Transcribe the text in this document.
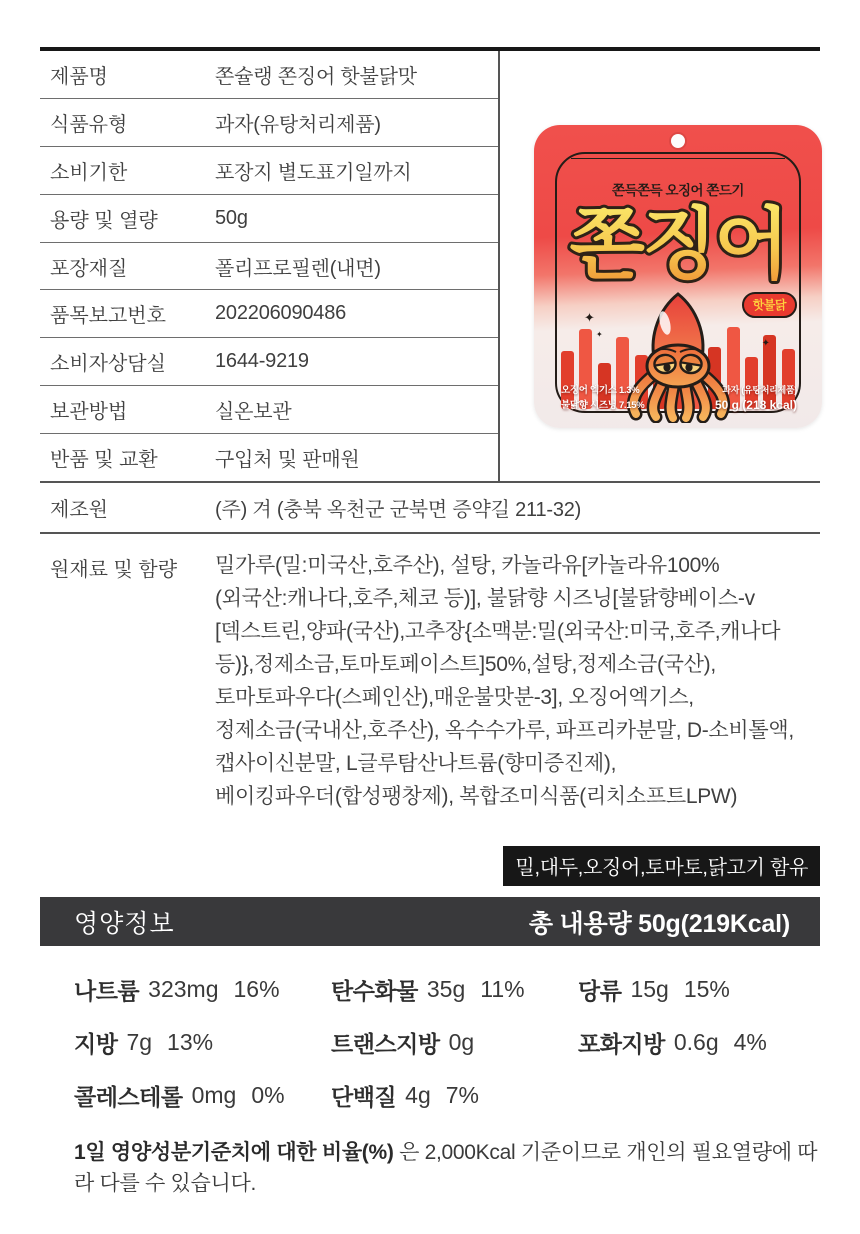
제품명	쫀슐랭 쫀징어 핫불닭맛
식품유형	과자(유탕처리제품)
소비기한	포장지 별도표기일까지
용량 및 열량	50g
포장재질	폴리프로필렌(내면)
품목보고번호	202206090486
소비자상담실	1644-9219
보관방법	실온보관
반품 및 교환	구입처 및 판매원
쫀득쫀득 오징어 쫀드기
쫀징어
핫불닭
✦
✦
✦
오징어 엑기스 1.3%
불닭향 시즈닝 7.15%
과자 (유탕처리제품)
50 g (218 kcal)
제조원	(주) 겨 (충북 옥천군 군북면 증약길 211-32)
원재료 및 함량	밀가루(밀:미국산,호주산), 설탕, 카놀라유[카놀라유100%
(외국산:캐나다,호주,체코 등)], 불닭향 시즈닝[불닭향베이스-v
[덱스트린,양파(국산),고추장{소맥분:밀(외국산:미국,호주,캐나다
등)},정제소금,토마토페이스트]50%,설탕,정제소금(국산),
토마토파우다(스페인산),매운불맛분-3], 오징어엑기스,
정제소금(국내산,호주산), 옥수수가루, 파프리카분말, D-소비톨액,
캡사이신분말, L글루탐산나트륨(향미증진제),
베이킹파우더(합성팽창제), 복합조미식품(리치소프트LPW)
밀,대두,오징어,토마토,닭고기 함유
영양정보	총 내용량 50g(219Kcal)
나트륨 323mg 16% 탄수화물 35g 11% 당류 15g 15%
지방 7g 13%	트랜스지방 0g	포화지방 0.6g 4%
콜레스테롤 0mg 0% 단백질 4g 7%

1일 영양성분기준치에 대한 비율(%) 은 2,000Kcal 기준이므로 개인의 필요열량에 따라 다를 수 있습니다.
